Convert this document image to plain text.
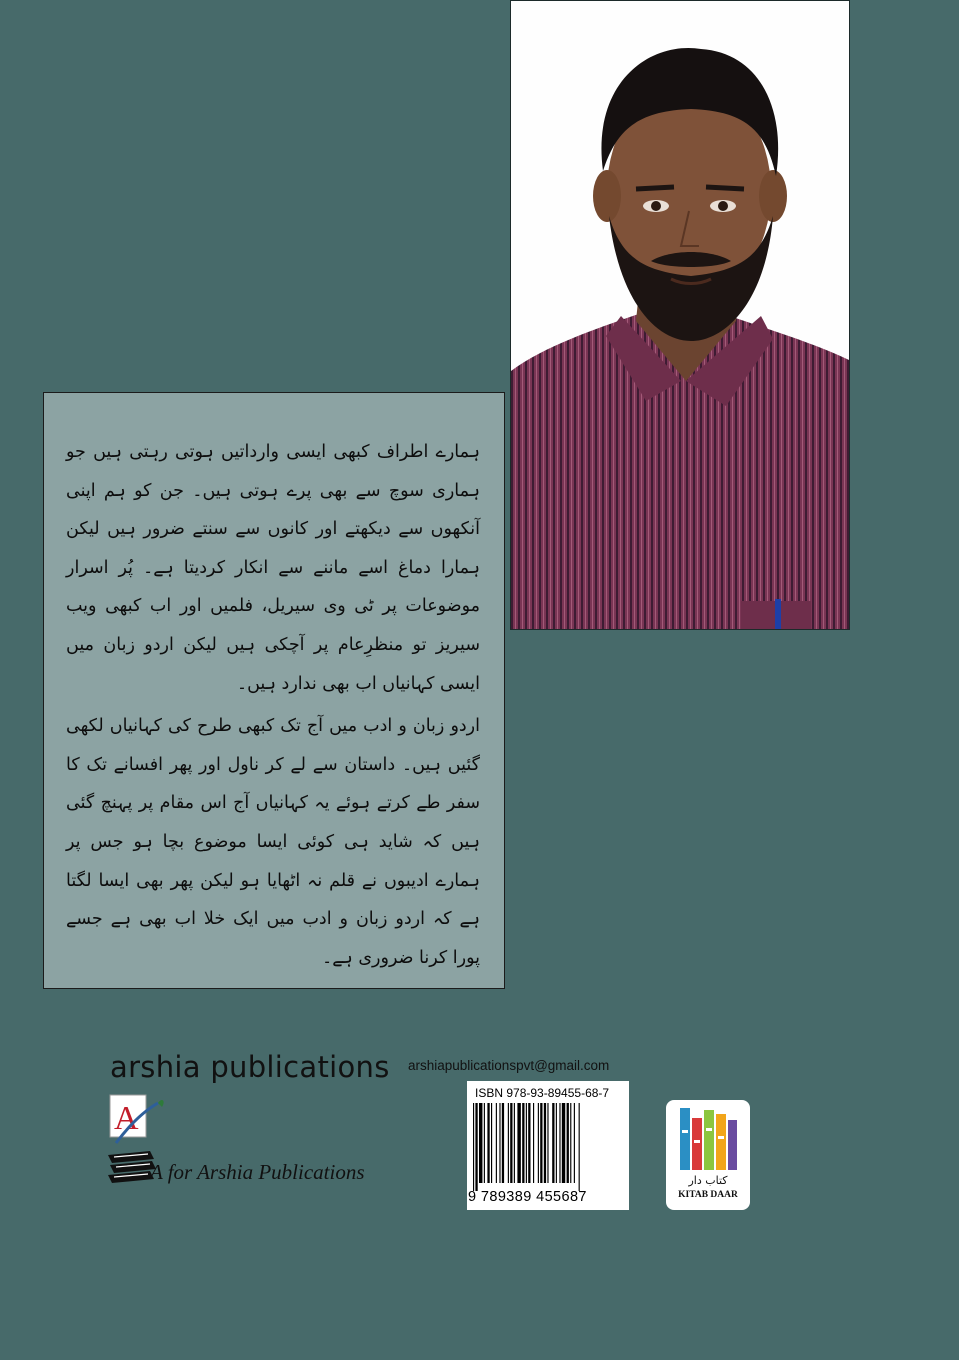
ہمارے اطراف کبھی ایسی وارداتیں ہوتی رہتی ہیں جو ہماری سوچ سے بھی پرے ہوتی ہیں۔ جن کو ہم اپنی آنکھوں سے دیکھتے اور کانوں سے سنتے ضرور ہیں لیکن ہمارا دماغ اسے ماننے سے انکار کردیتا ہے۔ پُر اسرار موضوعات پر ٹی وی سیریل، فلمیں اور اب کبھی ویب سیریز تو منظرِعام پر آچکی ہیں لیکن اردو زبان میں ایسی کہانیاں اب بھی ندارد ہیں۔

اردو زبان و ادب میں آج تک کبھی طرح کی کہانیاں لکھی گئیں ہیں۔ داستان سے لے کر ناول اور پھر افسانے تک کا سفر طے کرتے ہوئے یہ کہانیاں آج اس مقام پر پہنچ گئی ہیں کہ شاید ہی کوئی ایسا موضوع بچا ہو جس پر ہمارے ادیبوں نے قلم نہ اٹھایا ہو لیکن پھر بھی ایسا لگتا ہے کہ اردو زبان و ادب میں ایک خلا اب بھی ہے جسے پورا کرنا ضروری ہے۔

arshia publications arshiapublicationspvt@gmail.com
A
A for Arshia Publications
ISBN 978-93-89455-68-7
9 789389 455687
کتاب دار
KITAB DAAR
